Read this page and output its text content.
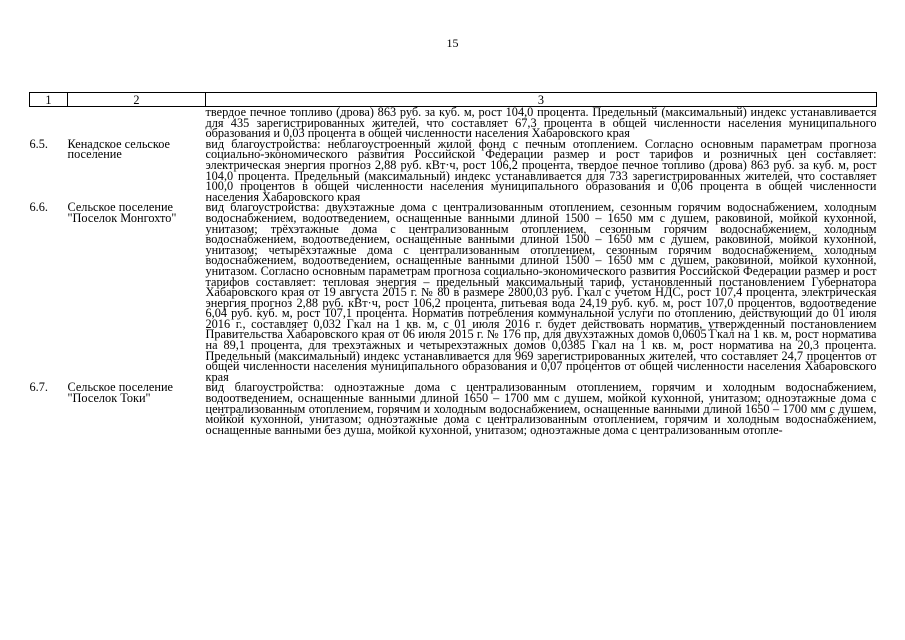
15
1	2	3
		твердое печное топливо (дрова) 863 руб. за куб. м, рост 104,0 процента. Предельный (максимальный) индекс устанавливается для 435 зарегистрированных жителей, что составляет 67,3 процента в общей численности населения муниципального образования и 0,03 процента в общей численности населения Хабаровского края
6.5.	Кенадское сельское поселение	вид благоустройства: неблагоустроенный жилой фонд с печным отоплением. Согласно основным параметрам прогноза социально-экономического развития Российской Федерации размер и рост тарифов и розничных цен составляет: электрическая энергия прогноз 2,88 руб. кВт·ч, рост 106,2 процента, твердое печное топливо (дрова) 863 руб. за куб. м, рост 104,0 процента. Предельный (максимальный) индекс устанавливается для 733 зарегистрированных жителей, что составляет 100,0 процентов в общей численности населения муниципального образования и 0,06 процента в общей численности населения Хабаровского края
6.6.	Сельское поселение "Поселок Монгохто"	вид благоустройства: двухэтажные дома с централизованным отоплением, сезонным горячим водоснабжением, холодным водоснабжением, водоотведением, оснащенные ванными длиной 1500 – 1650 мм с душем, раковиной, мойкой кухонной, унитазом; трёхэтажные дома с централизованным отоплением, сезонным горячим водоснабжением, холодным водоснабжением, водоотведением, оснащенные ванными длиной 1500 – 1650 мм с душем, раковиной, мойкой кухонной, унитазом; четырёхэтажные дома с централизованным отоплением, сезонным горячим водоснабжением, холодным водоснабжением, водоотведением, оснащенные ванными длиной 1500 – 1650 мм с душем, раковиной, мойкой кухонной, унитазом. Согласно основным параметрам прогноза социально-экономического развития Российской Федерации размер и рост тарифов составляет: тепловая энергия – предельный максимальный тариф, установленный постановлением Губернатора Хабаровского края от 19 августа 2015 г. № 80 в размере 2800,03 руб. Гкал с учетом НДС, рост 107,4 процента, электрическая энергия прогноз 2,88 руб. кВт·ч, рост 106,2 процента, питьевая вода 24,19 руб. куб. м, рост 107,0 процентов, водоотведение 6,04 руб. куб. м, рост 107,1 процента. Норматив потребления коммунальной услуги по отоплению, действующий до 01 июля 2016 г., составляет 0,032 Гкал на 1 кв. м, с 01 июля 2016 г. будет действовать норматив, утвержденный постановлением Правительства Хабаровского края от 06 июля 2015 г. № 176 пр, для двухэтажных домов 0,0605 Гкал на 1 кв. м, рост норматива на 89,1 процента, для трехэтажных и четырехэтажных домов 0,0385 Гкал на 1 кв. м, рост норматива на 20,3 процента. Предельный (максимальный) индекс устанавливается для 969 зарегистрированных жителей, что составляет 24,7 процентов от общей численности населения муниципального образования и 0,07 процентов от общей численности населения Хабаровского края
6.7.	Сельское поселение "Поселок Токи"	вид благоустройства: одноэтажные дома с централизованным отоплением, горячим и холодным водоснабжением, водоотведением, оснащенные ванными длиной 1650 – 1700 мм с душем, мойкой кухонной, унитазом; одноэтажные дома с централизованным отоплением, горячим и холодным водоснабжением, оснащенные ванными длиной 1650 – 1700 мм с душем, мойкой кухонной, унитазом; одноэтажные дома с централизованным отоплением, горячим и холодным водоснабжением, оснащенные ванными без душа, мойкой кухонной, унитазом; одноэтажные дома с централизованным отопле-
